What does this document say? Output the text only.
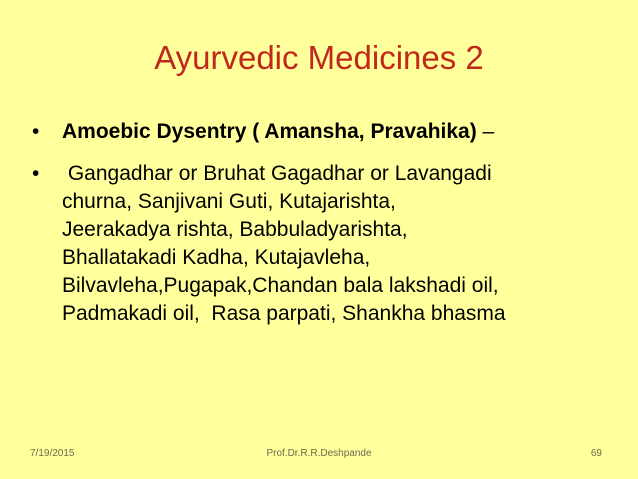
Ayurvedic Medicines 2
• Amoebic Dysentry ( Amansha, Pravahika) –
• Gangadhar or Bruhat Gagadhar or Lavangadi
churna, Sanjivani Guti, Kutajarishta,
Jeerakadya rishta, Babbuladyarishta,
Bhallatakadi Kadha, Kutajavleha,
Bilvavleha,Pugapak,Chandan bala lakshadi oil,
Padmakadi oil,  Rasa parpati, Shankha bhasma
7/19/2015	Prof.Dr.R.R.Deshpande	69
